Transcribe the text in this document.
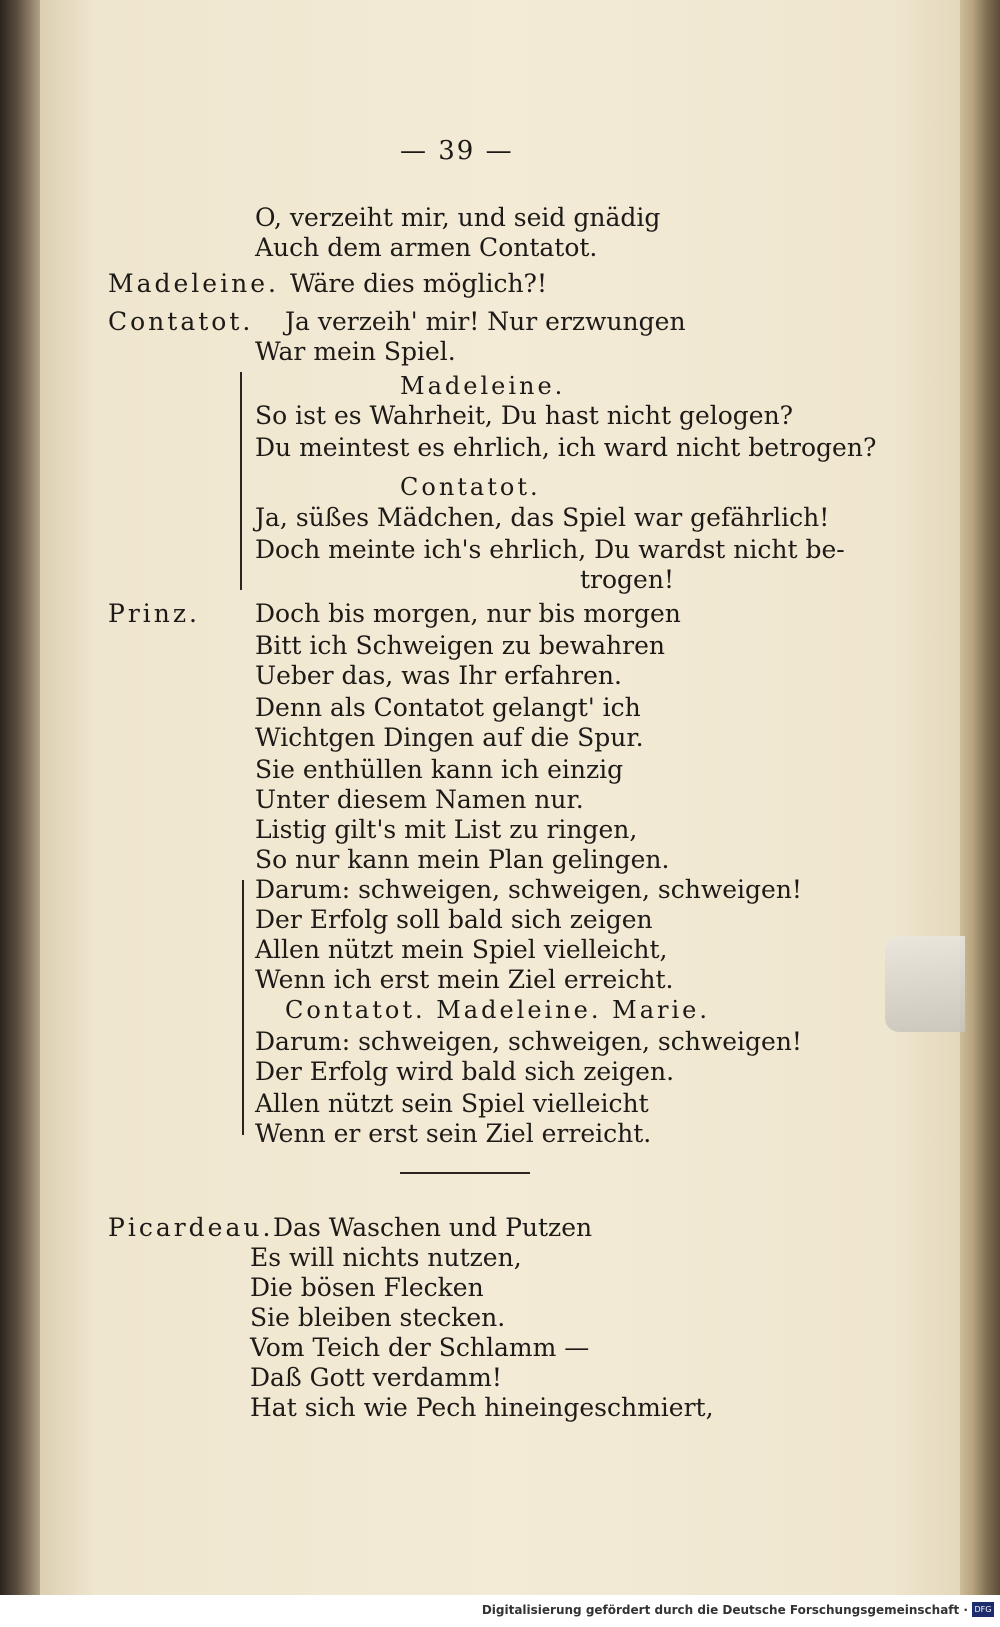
— 39 —
O, verzeiht mir, und seid gnädig
Auch dem armen Contatot.
Madeleine. Wäre dies möglich?!
Contatot. Ja verzeih' mir! Nur erzwungen
War mein Spiel.
Madeleine.
So ist es Wahrheit, Du hast nicht gelogen?
Du meintest es ehrlich, ich ward nicht betrogen?
Contatot.
Ja, süßes Mädchen, das Spiel war gefährlich!
Doch meinte ich's ehrlich, Du wardst nicht be-
trogen!
Prinz. Doch bis morgen, nur bis morgen
Bitt ich Schweigen zu bewahren
Ueber das, was Ihr erfahren.
Denn als Contatot gelangt' ich
Wichtgen Dingen auf die Spur.
Sie enthüllen kann ich einzig
Unter diesem Namen nur.
Listig gilt's mit List zu ringen,
So nur kann mein Plan gelingen.
Darum: schweigen, schweigen, schweigen!
Der Erfolg soll bald sich zeigen
Allen nützt mein Spiel vielleicht,
Wenn ich erst mein Ziel erreicht.
Contatot. Madeleine. Marie.
Darum: schweigen, schweigen, schweigen!
Der Erfolg wird bald sich zeigen.
Allen nützt sein Spiel vielleicht
Wenn er erst sein Ziel erreicht.
Picardeau. Das Waschen und Putzen
Es will nichts nutzen,
Die bösen Flecken
Sie bleiben stecken.
Vom Teich der Schlamm —
Daß Gott verdamm!
Hat sich wie Pech hineingeschmiert,
Digitalisierung gefördert durch die Deutsche Forschungsgemeinschaft · DFG
